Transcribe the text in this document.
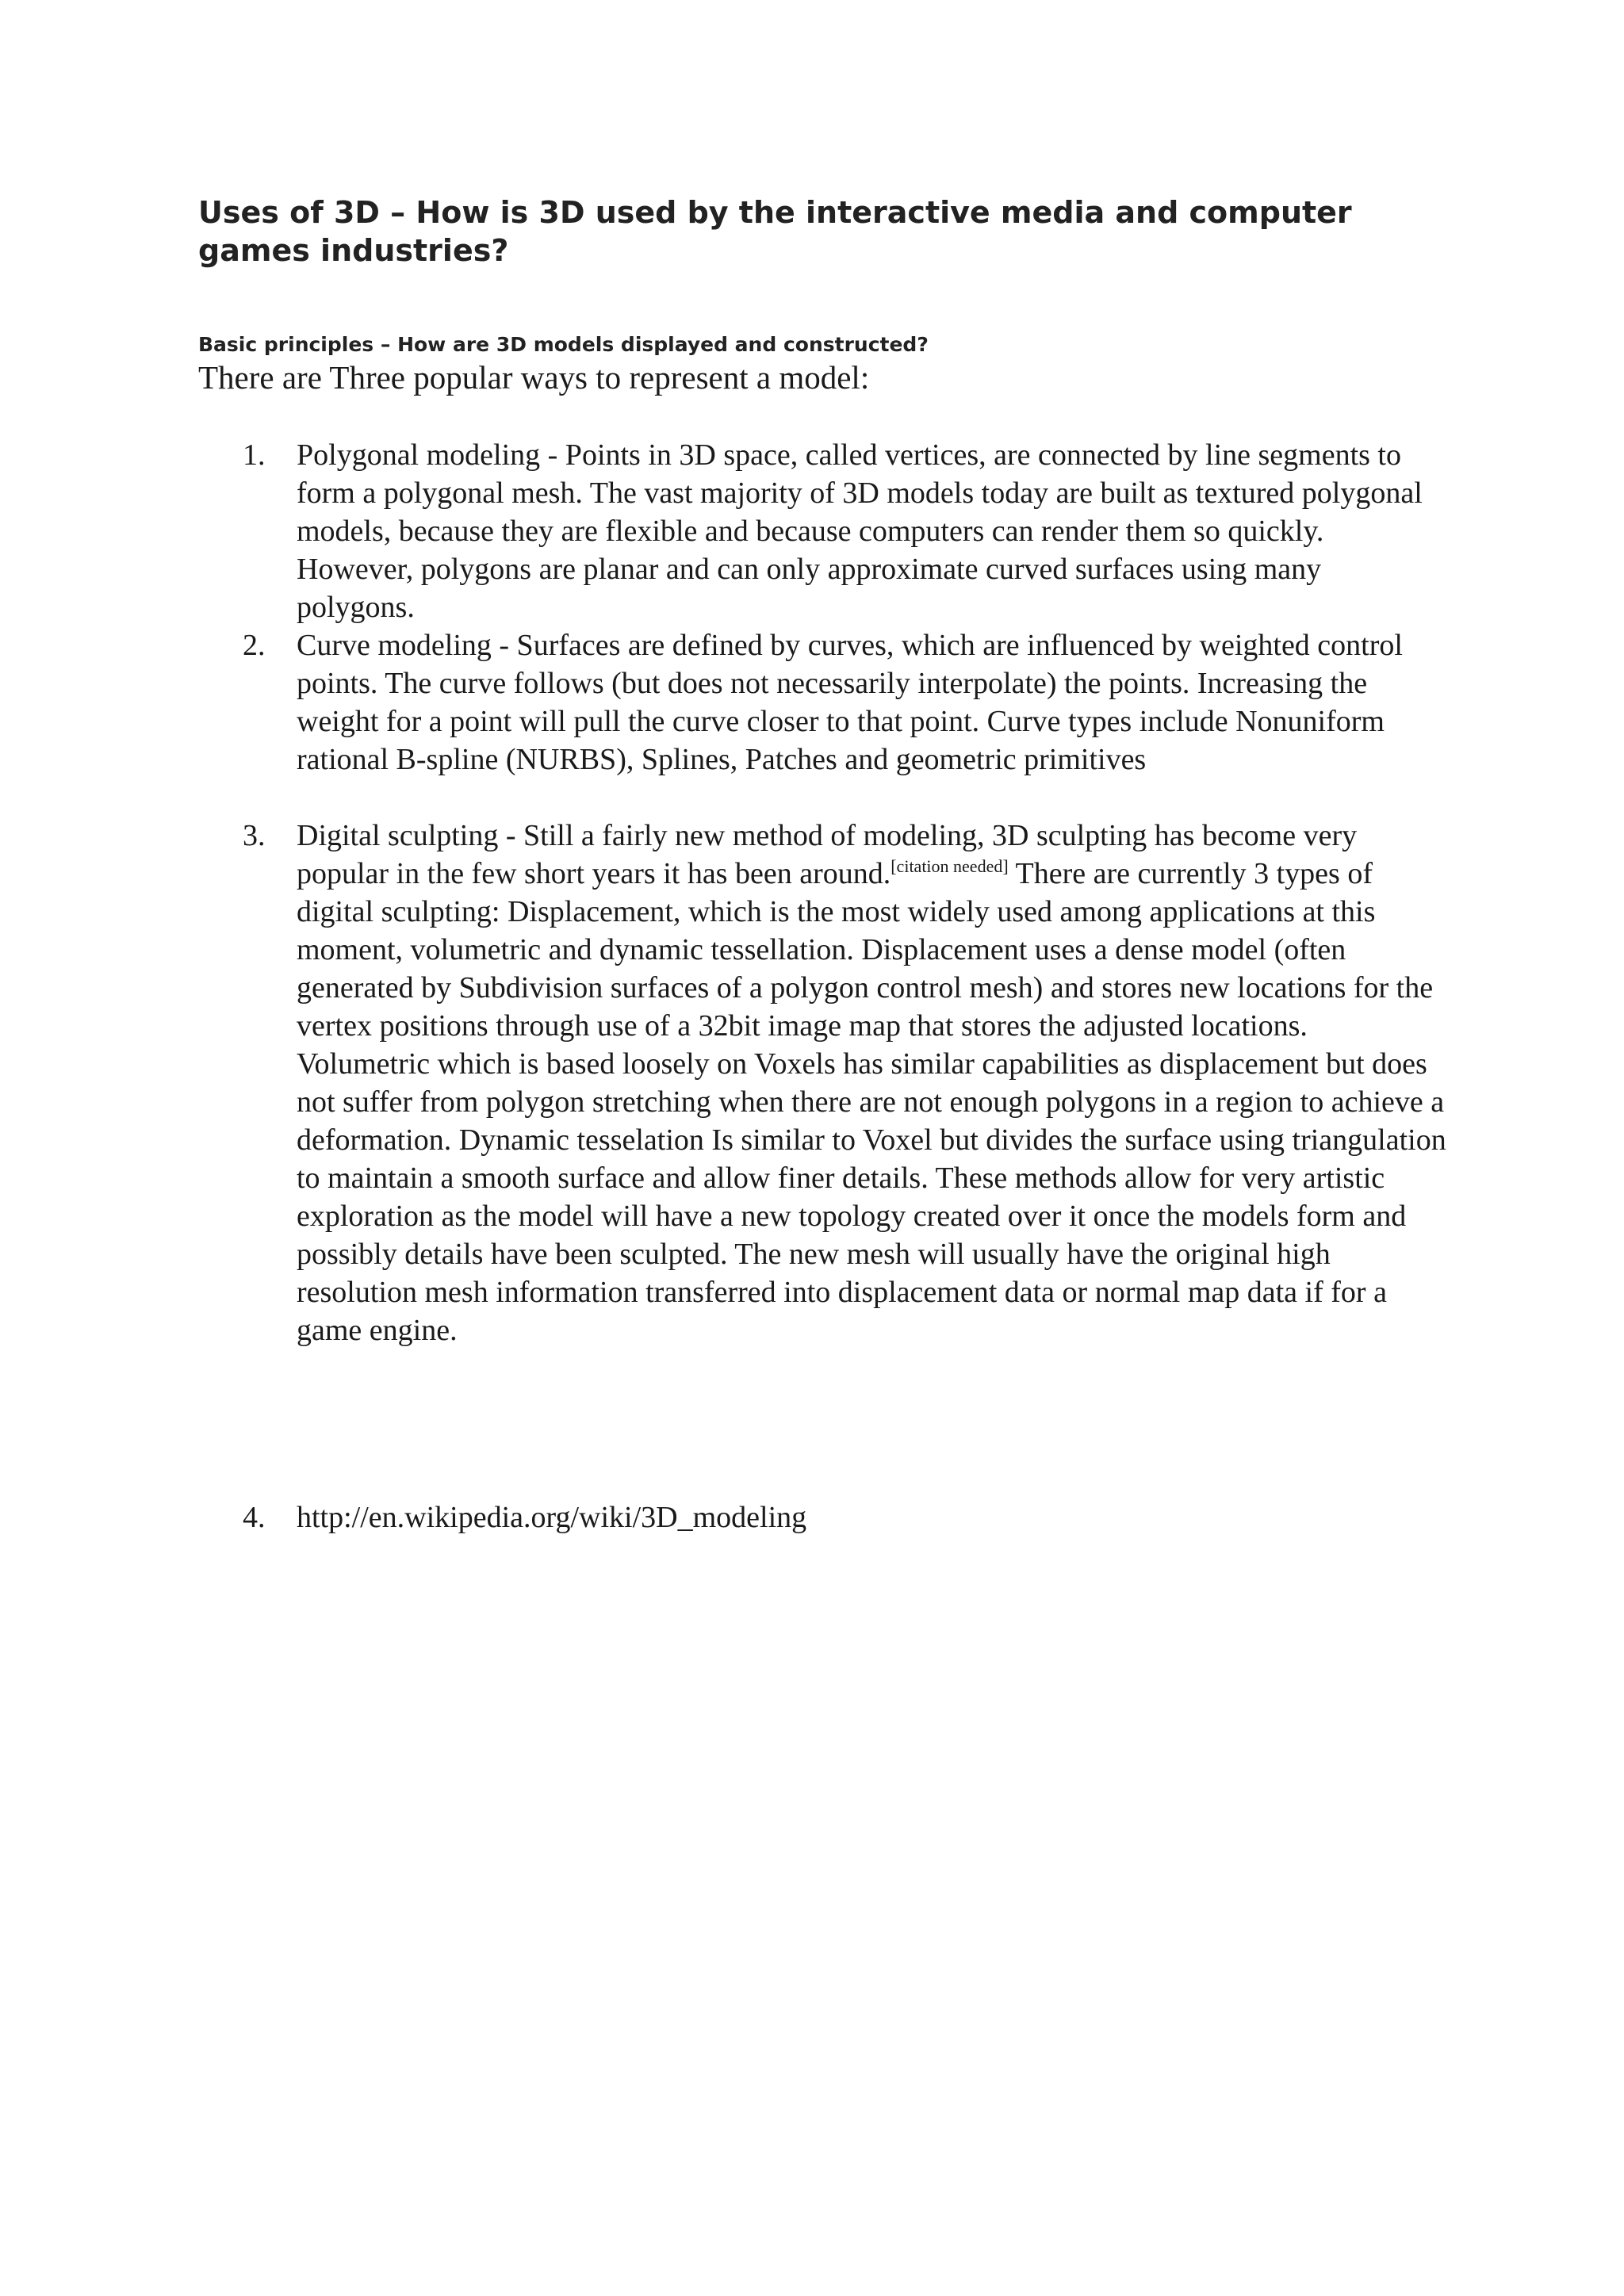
Uses of 3D – How is 3D used by the interactive media and computer games industries?
Basic principles – How are 3D models displayed and constructed?

There are Three popular ways to represent a model:

1.	Polygonal modeling - Points in 3D space, called vertices, are connected by line segments to form a polygonal mesh. The vast majority of 3D models today are built as textured polygonal models, because they are flexible and because computers can render them so quickly. However, polygons are planar and can only approximate curved surfaces using many polygons.

2.	Curve modeling - Surfaces are defined by curves, which are influenced by weighted control points. The curve follows (but does not necessarily interpolate) the points. Increasing the weight for a point will pull the curve closer to that point. Curve types include Nonuniform rational B-spline (NURBS), Splines, Patches and geometric primitives

3.	Digital sculpting - Still a fairly new method of modeling, 3D sculpting has become very popular in the few short years it has been around.[citation needed] There are currently 3 types of digital sculpting: Displacement, which is the most widely used among applications at this moment, volumetric and dynamic tessellation. Displacement uses a dense model (often generated by Subdivision surfaces of a polygon control mesh) and stores new locations for the vertex positions through use of a 32bit image map that stores the adjusted locations. Volumetric which is based loosely on Voxels has similar capabilities as displacement but does not suffer from polygon stretching when there are not enough polygons in a region to achieve a deformation. Dynamic tesselation Is similar to Voxel but divides the surface using triangulation to maintain a smooth surface and allow finer details. These methods allow for very artistic exploration as the model will have a new topology created over it once the models form and possibly details have been sculpted. The new mesh will usually have the original high resolution mesh information transferred into displacement data or normal map data if for a game engine.

4.	http://en.wikipedia.org/wiki/3D_modeling
